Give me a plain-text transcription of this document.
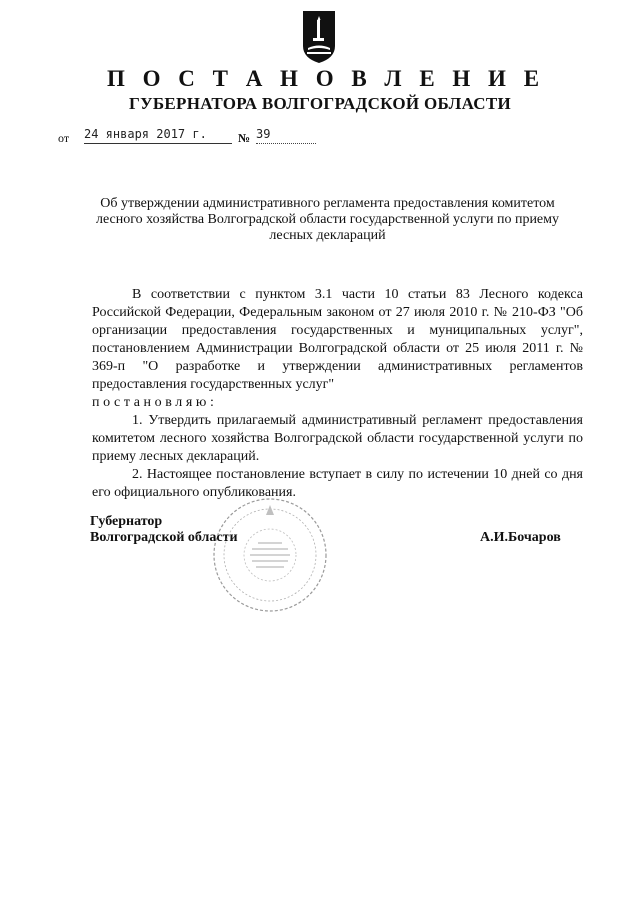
П О С Т А Н О В Л Е Н И Е
ГУБЕРНАТОРА ВОЛГОГРАДСКОЙ ОБЛАСТИ
от 24 января 2017 г.	№ 39
Об утверждении административного регламента предоставления комитетом
лесного хозяйства Волгоградской области государственной услуги по приему
лесных деклараций

В соответствии с пунктом 3.1 части 10 статьи 83 Лесного кодекса Российской Федерации, Федеральным законом от 27 июля 2010 г. № 210-ФЗ "Об организации предоставления государственных и муниципальных услуг", постановлением Администрации Волгоградской области от 25 июля 2011 г. № 369-п "О разработке и утверждении административных регламентов предоставления государственных услуг"
постановляю:

1. Утвердить прилагаемый административный регламент предоставления комитетом лесного хозяйства Волгоградской области государственной услуги по приему лесных деклараций.

2. Настоящее постановление вступает в силу по истечении 10 дней со дня его официального опубликования.

Губернатор
Волгоградской области	А.И.Бочаров
